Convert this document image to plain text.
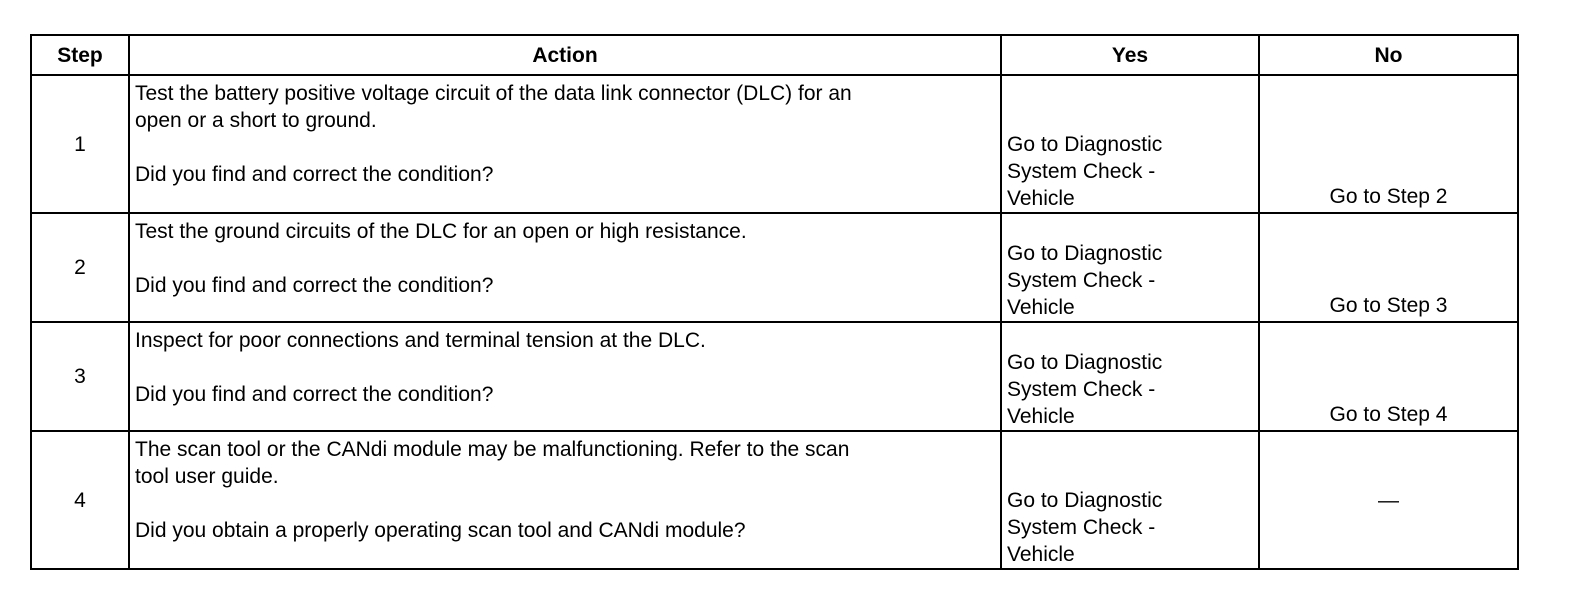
Step	Action	Yes	No
1	Test the battery positive voltage circuit of the data link connector (DLC) for an
open or a short to ground.
Did you find and correct the condition?	Go to Diagnostic System Check - Vehicle	Go to Step 2
2	Test the ground circuits of the DLC for an open or high resistance.
Did you find and correct the condition?	Go to Diagnostic System Check - Vehicle	Go to Step 3
3	Inspect for poor connections and terminal tension at the DLC.
Did you find and correct the condition?	Go to Diagnostic System Check - Vehicle	Go to Step 4
4	The scan tool or the CANdi module may be malfunctioning. Refer to the scan
tool user guide.
Did you obtain a properly operating scan tool and CANdi module?	Go to Diagnostic System Check - Vehicle	—
